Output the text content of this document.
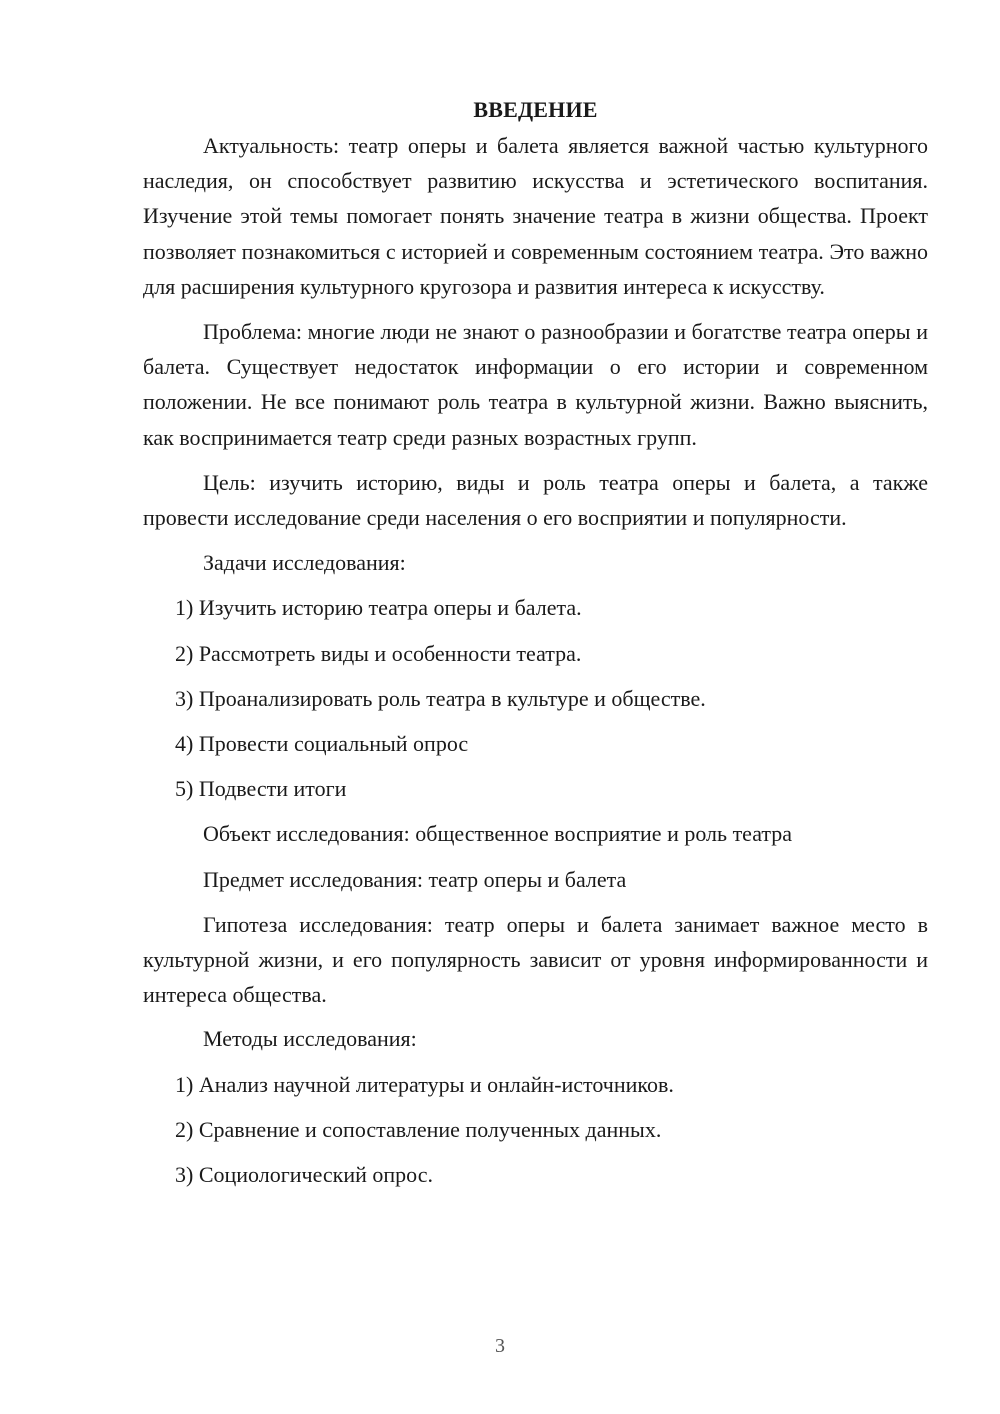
ВВЕДЕНИЕ

Актуальность: театр оперы и балета является важной частью культурного наследия, он способствует развитию искусства и эстетического воспитания. Изучение этой темы помогает понять значение театра в жизни общества. Проект позволяет познакомиться с историей и современным состоянием театра. Это важно для расширения культурного кругозора и развития интереса к искусству.

Проблема: многие люди не знают о разнообразии и богатстве театра оперы и балета. Существует недостаток информации о его истории и современном положении. Не все понимают роль театра в культурной жизни. Важно выяснить, как воспринимается театр среди разных возрастных групп.

Цель: изучить историю, виды и роль театра оперы и балета, а также провести исследование среди населения о его восприятии и популярности.

Задачи исследования:
1) Изучить историю театра оперы и балета.
2) Рассмотреть виды и особенности театра.
3) Проанализировать роль театра в культуре и обществе.
4) Провести социальный опрос
5) Подвести итоги
Объект исследования: общественное восприятие и роль театра
Предмет исследования: театр оперы и балета

Гипотеза исследования: театр оперы и балета занимает важное место в культурной жизни, и его популярность зависит от уровня информированности и интереса общества.

Методы исследования:
1) Анализ научной литературы и онлайн-источников.
2) Сравнение и сопоставление полученных данных.
3) Социологический опрос.
3
